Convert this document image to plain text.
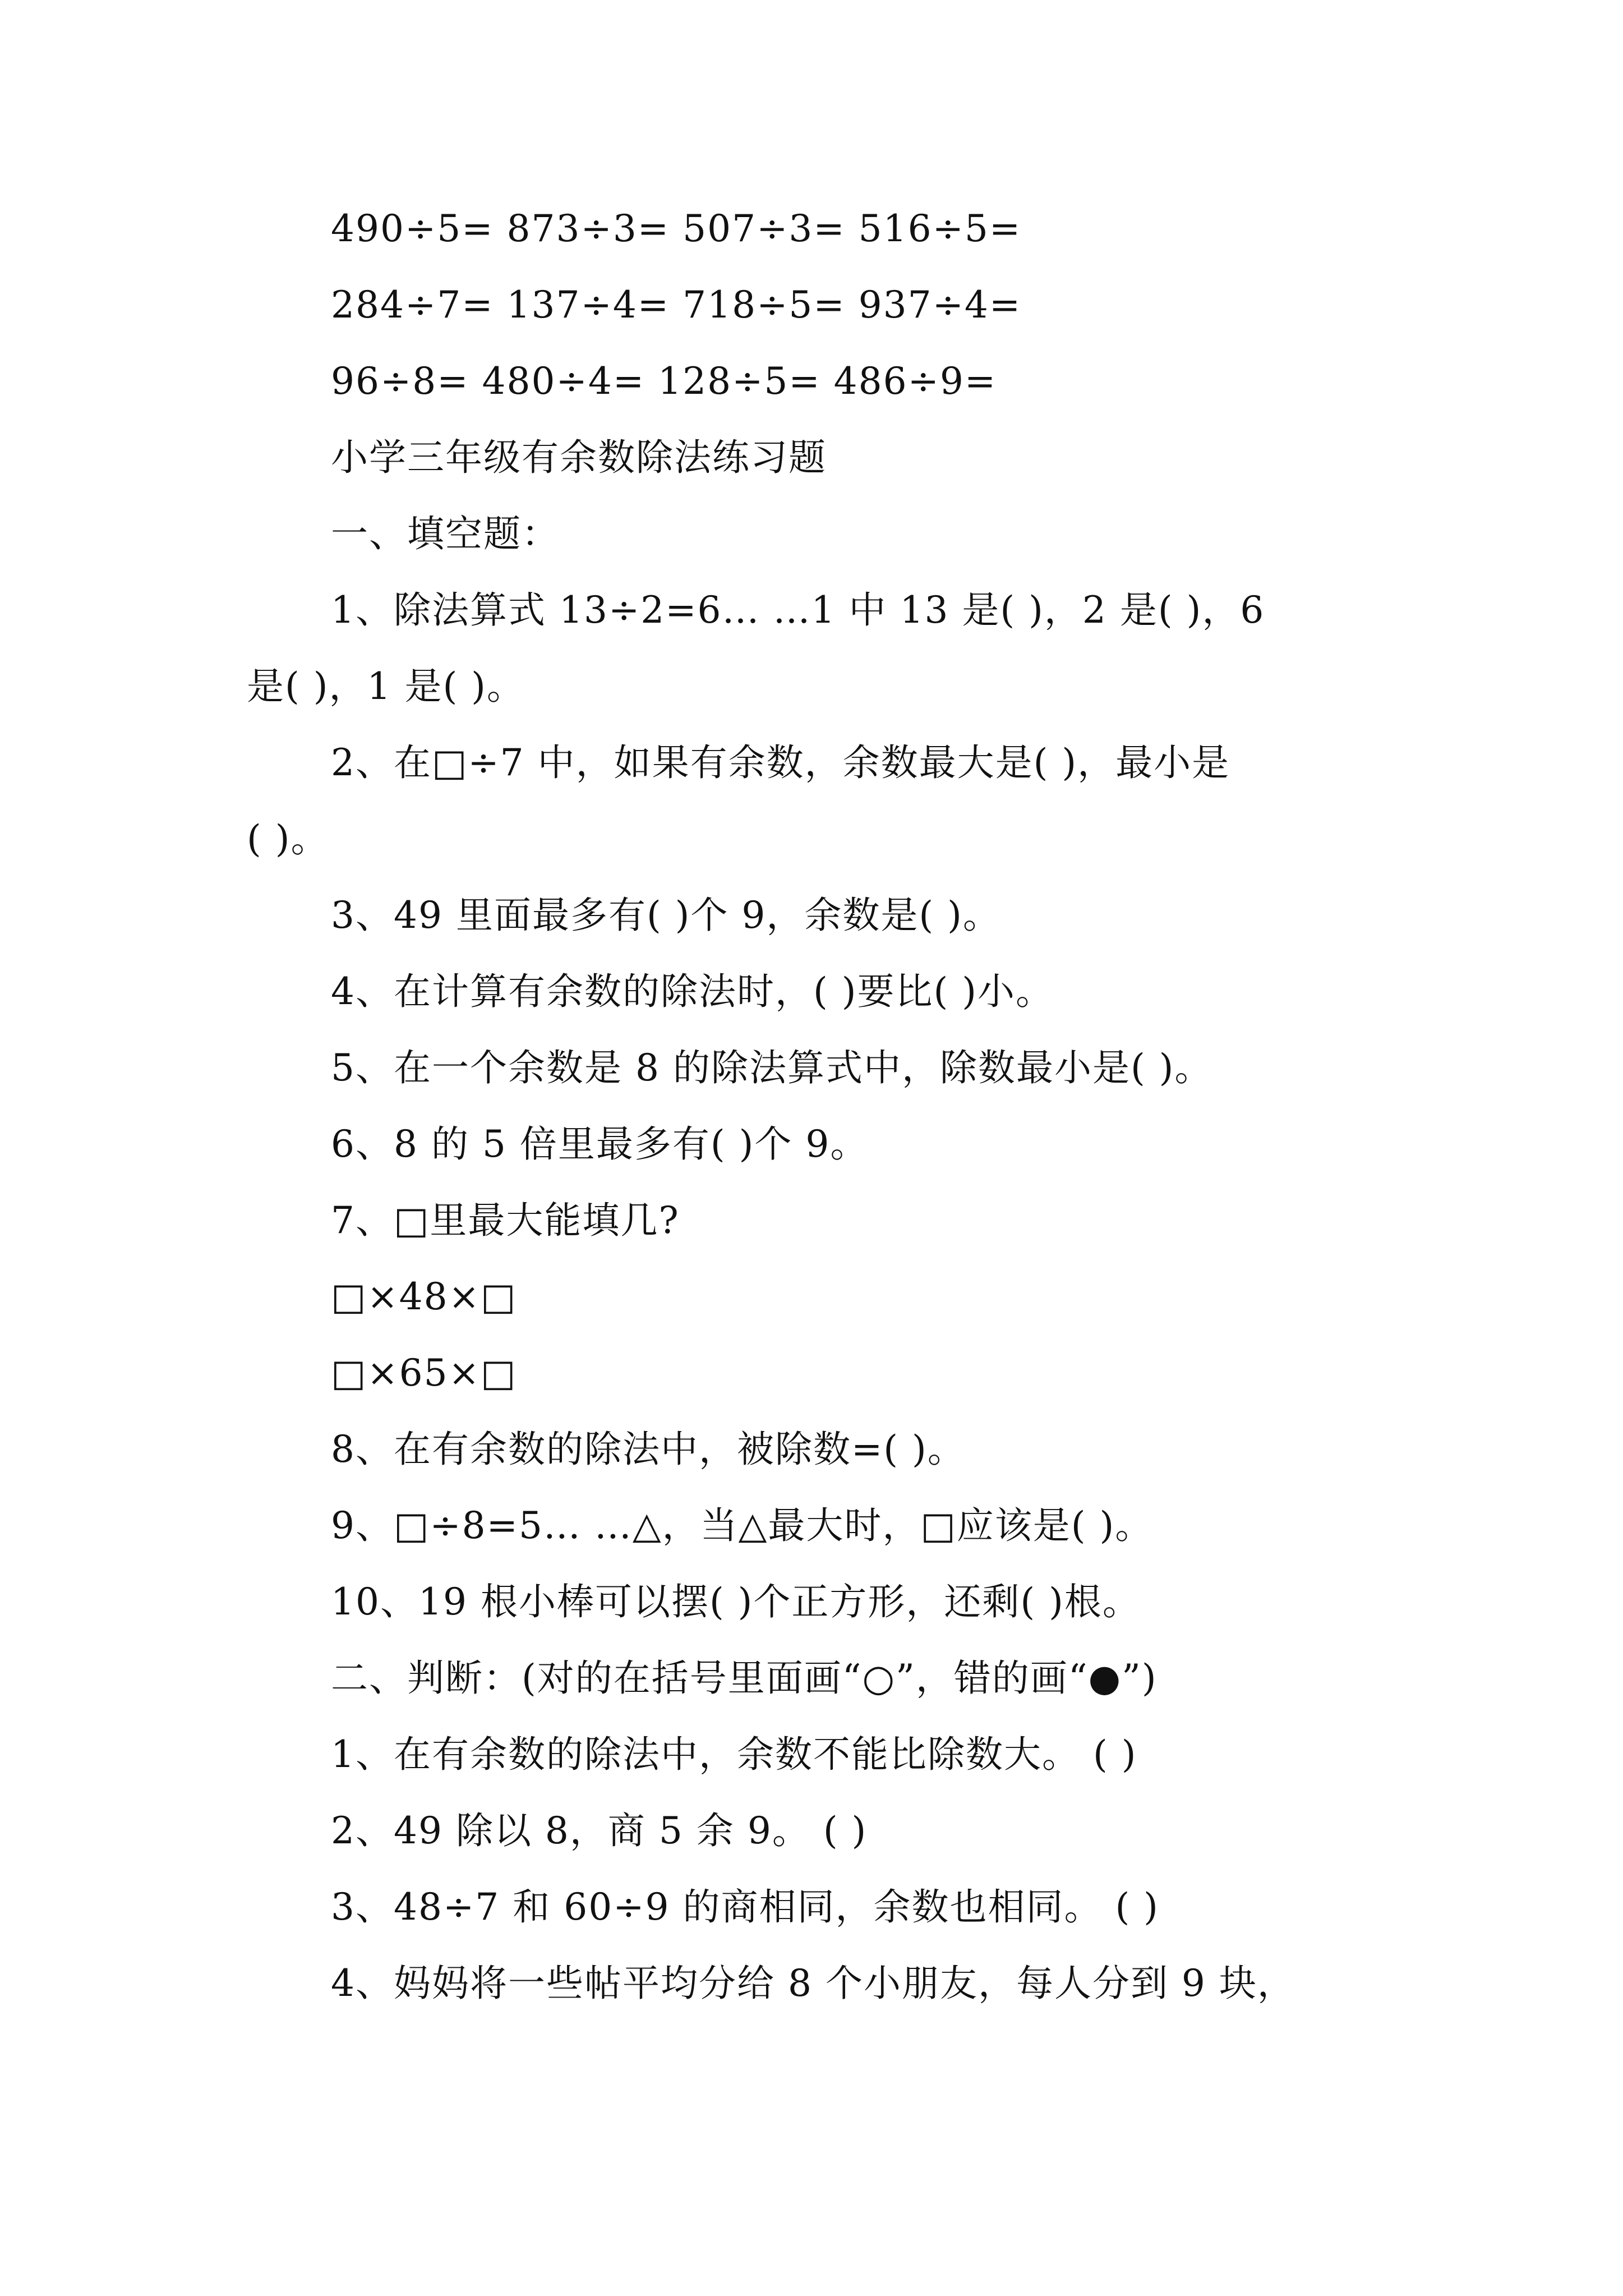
490÷5= 873÷3= 507÷3= 516÷5=
284÷7= 137÷4= 718÷5= 937÷4=
96÷8= 480÷4= 128÷5= 486÷9=
小学三年级有余数除法练习题
一、填空题：
1、除法算式 13÷2=6… …1 中 13 是( )，2 是( )，6
是( )，1 是( )。
2、在□÷7 中，如果有余数，余数最大是( )，最小是
( )。
3、49 里面最多有( )个 9，余数是( )。
4、在计算有余数的除法时，( )要比( )小。
5、在一个余数是 8 的除法算式中，除数最小是( )。
6、8 的 5 倍里最多有( )个 9。
7、□里最大能填几?
□×48×□
□×65×□
8、在有余数的除法中，被除数=( )。
9、□÷8=5… …△，当△最大时，□应该是( )。
10、19 根小棒可以摆( )个正方形，还剩( )根。
二、判断：(对的在括号里面画“○”，错的画“●”)
1、在有余数的除法中，余数不能比除数大。 ( )
2、49 除以 8，商 5 余 9。 ( )
3、48÷7 和 60÷9 的商相同，余数也相同。 ( )
4、妈妈将一些帖平均分给 8 个小朋友，每人分到 9 块，
